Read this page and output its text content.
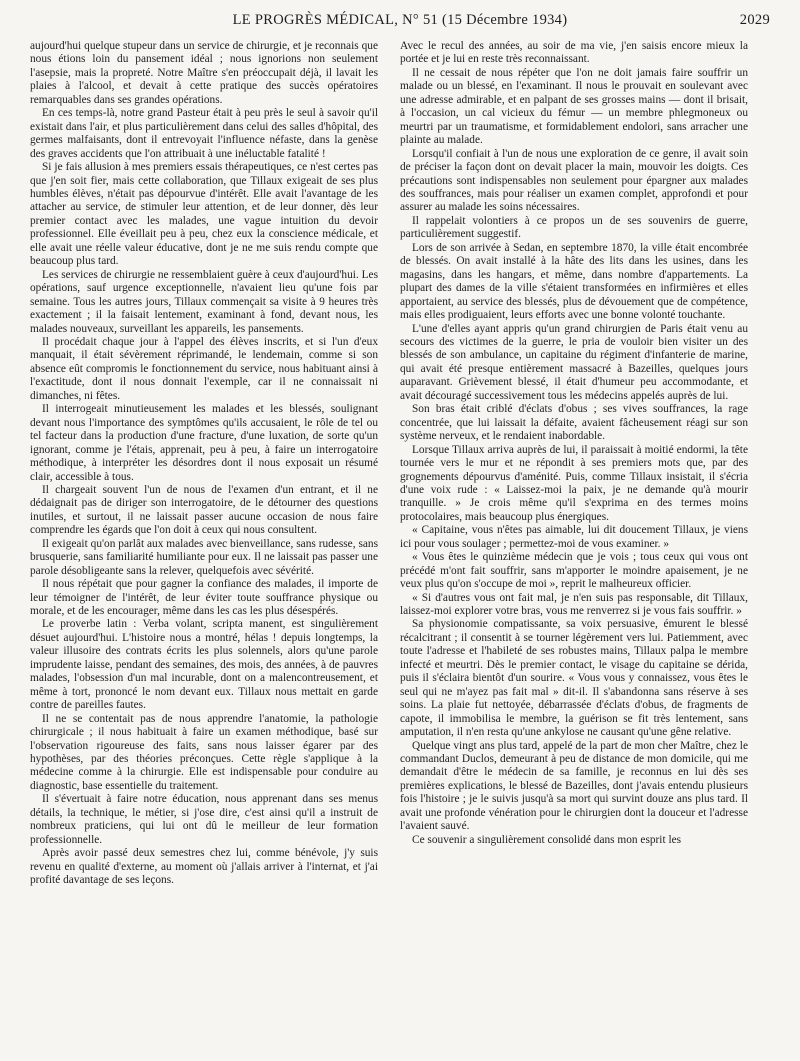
LE PROGRÈS MÉDICAL, N° 51 (15 Décembre 1934)	2029

aujourd'hui quelque stupeur dans un service de chirurgie, et je reconnais que nous étions loin du pansement idéal ; nous ignorions non seulement l'asepsie, mais la propreté. Notre Maître s'en préoccupait déjà, il lavait les plaies à l'alcool, et devait à cette pratique des succès opératoires remarquables dans ses grandes opérations.

En ces temps-là, notre grand Pasteur était à peu près le seul à savoir qu'il existait dans l'air, et plus particulièrement dans celui des salles d'hôpital, des germes malfaisants, dont il entrevoyait l'influence néfaste, dans la genèse des graves accidents que l'on attribuait à une inéluctable fatalité !

Si je fais allusion à mes premiers essais thérapeutiques, ce n'est certes pas que j'en soit fier, mais cette collaboration, que Tillaux exigeait de ses plus humbles élèves, n'était pas dépourvue d'intérêt. Elle avait l'avantage de les attacher au service, de stimuler leur attention, et de leur donner, dès leur premier contact avec les malades, une vague intuition du devoir professionnel. Elle éveillait peu à peu, chez eux la conscience médicale, et elle avait une réelle valeur éducative, dont je ne me suis rendu compte que beaucoup plus tard.

Les services de chirurgie ne ressemblaient guère à ceux d'aujourd'hui. Les opérations, sauf urgence exceptionnelle, n'avaient lieu qu'une fois par semaine. Tous les autres jours, Tillaux commençait sa visite à 9 heures très exactement ; il la faisait lentement, examinant à fond, devant nous, les malades nouveaux, surveillant les appareils, les pansements.

Il procédait chaque jour à l'appel des élèves inscrits, et si l'un d'eux manquait, il était sévèrement réprimandé, le lendemain, comme si son absence eût compromis le fonctionnement du service, nous habituant ainsi à l'exactitude, dont il nous donnait l'exemple, car il ne connaissait ni dimanches, ni fêtes.

Il interrogeait minutieusement les malades et les blessés, soulignant devant nous l'importance des symptômes qu'ils accusaient, le rôle de tel ou tel facteur dans la production d'une fracture, d'une luxation, de sorte qu'un ignorant, comme je l'étais, apprenait, peu à peu, à faire un interrogatoire méthodique, à interpréter les désordres dont il nous exposait un résumé clair, accessible à tous.

Il chargeait souvent l'un de nous de l'examen d'un entrant, et il ne dédaignait pas de diriger son interrogatoire, de le détourner des questions inutiles, et surtout, il ne laissait passer aucune occasion de nous faire comprendre les égards que l'on doit à ceux qui nous consultent.

Il exigeait qu'on parlât aux malades avec bienveillance, sans rudesse, sans brusquerie, sans familiarité humiliante pour eux. Il ne laissait pas passer une parole désobligeante sans la relever, quelquefois avec sévérité.

Il nous répétait que pour gagner la confiance des malades, il importe de leur témoigner de l'intérêt, de leur éviter toute souffrance physique ou morale, et de les encourager, même dans les cas les plus désespérés.

Le proverbe latin : Verba volant, scripta manent, est singulièrement désuet aujourd'hui. L'histoire nous a montré, hélas ! depuis longtemps, la valeur illusoire des contrats écrits les plus solennels, alors qu'une parole imprudente laisse, pendant des semaines, des mois, des années, à de pauvres malades, l'obsession d'un mal incurable, dont on a malencontreusement, et même à tort, prononcé le nom devant eux. Tillaux nous mettait en garde contre de pareilles fautes.

Il ne se contentait pas de nous apprendre l'anatomie, la pathologie chirurgicale ; il nous habituait à faire un examen méthodique, basé sur l'observation rigoureuse des faits, sans nous laisser égarer par des hypothèses, par des théories préconçues. Cette règle s'applique à la médecine comme à la chirurgie. Elle est indispensable pour conduire au diagnostic, base essentielle du traitement.

Il s'évertuait à faire notre éducation, nous apprenant dans ses menus détails, la technique, le métier, si j'ose dire, c'est ainsi qu'il a instruit de nombreux praticiens, qui lui ont dû le meilleur de leur formation professionnelle.

Après avoir passé deux semestres chez lui, comme bénévole, j'y suis revenu en qualité d'externe, au moment où j'allais arriver à l'internat, et j'ai profité davantage de ses leçons.

Avec le recul des années, au soir de ma vie, j'en saisis encore mieux la portée et je lui en reste très reconnaissant.

Il ne cessait de nous répéter que l'on ne doit jamais faire souffrir un malade ou un blessé, en l'examinant. Il nous le prouvait en soulevant avec une adresse admirable, et en palpant de ses grosses mains — dont il brisait, à l'occasion, un cal vicieux du fémur — un membre phlegmoneux ou meurtri par un traumatisme, et formidablement endolori, sans arracher une plainte au malade.

Lorsqu'il confiait à l'un de nous une exploration de ce genre, il avait soin de préciser la façon dont on devait placer la main, mouvoir les doigts. Ces précautions sont indispensables non seulement pour épargner aux malades des souffrances, mais pour réaliser un examen complet, approfondi et pour assurer au malade les soins nécessaires.

Il rappelait volontiers à ce propos un de ses souvenirs de guerre, particulièrement suggestif.

Lors de son arrivée à Sedan, en septembre 1870, la ville était encombrée de blessés. On avait installé à la hâte des lits dans les usines, dans les magasins, dans les hangars, et même, dans nombre d'appartements. La plupart des dames de la ville s'étaient transformées en infirmières et elles apportaient, au service des blessés, plus de dévouement que de compétence, mais elles prodiguaient, leurs efforts avec une bonne volonté touchante.

L'une d'elles ayant appris qu'un grand chirurgien de Paris était venu au secours des victimes de la guerre, le pria de vouloir bien visiter un des blessés de son ambulance, un capitaine du régiment d'infanterie de marine, qui avait été presque entièrement massacré à Bazeilles, quelques jours auparavant. Grièvement blessé, il était d'humeur peu accommodante, et avait découragé successivement tous les médecins appelés auprès de lui.

Son bras était criblé d'éclats d'obus ; ses vives souffrances, la rage concentrée, que lui laissait la défaite, avaient fâcheusement réagi sur son système nerveux, et le rendaient inabordable.

Lorsque Tillaux arriva auprès de lui, il paraissait à moitié endormi, la tête tournée vers le mur et ne répondit à ses premiers mots que, par des grognements dépourvus d'aménité. Puis, comme Tillaux insistait, il s'écria d'une voix rude : « Laissez-moi la paix, je ne demande qu'à mourir tranquille. » Je crois même qu'il s'exprima en des termes moins protocolaires, mais beaucoup plus énergiques.

« Capitaine, vous n'êtes pas aimable, lui dit doucement Tillaux, je viens ici pour vous soulager ; permettez-moi de vous examiner. »

« Vous êtes le quinzième médecin que je vois ; tous ceux qui vous ont précédé m'ont fait souffrir, sans m'apporter le moindre apaisement, je ne veux plus qu'on s'occupe de moi », reprit le malheureux officier.

« Si d'autres vous ont fait mal, je n'en suis pas responsable, dit Tillaux, laissez-moi explorer votre bras, vous me renverrez si je vous fais souffrir. »

Sa physionomie compatissante, sa voix persuasive, émurent le blessé récalcitrant ; il consentit à se tourner légèrement vers lui. Patiemment, avec toute l'adresse et l'habileté de ses robustes mains, Tillaux palpa le membre infecté et meurtri. Dès le premier contact, le visage du capitaine se dérida, puis il s'éclaira bientôt d'un sourire. « Vous vous y connaissez, vous êtes le seul qui ne m'ayez pas fait mal » dit-il. Il s'abandonna sans réserve à ses soins. La plaie fut nettoyée, débarrassée d'éclats d'obus, de fragments de capote, il immobilisa le membre, la guérison se fit très lentement, sans amputation, il n'en resta qu'une ankylose ne causant qu'une gêne relative.

Quelque vingt ans plus tard, appelé de la part de mon cher Maître, chez le commandant Duclos, demeurant à peu de distance de mon domicile, qui me demandait d'être le médecin de sa famille, je reconnus en lui dès ses premières explications, le blessé de Bazeilles, dont j'avais entendu plusieurs fois l'histoire ; je le suivis jusqu'à sa mort qui survint douze ans plus tard. Il avait une profonde vénération pour le chirurgien dont la douceur et l'adresse l'avaient sauvé.

Ce souvenir a singulièrement consolidé dans mon esprit les
